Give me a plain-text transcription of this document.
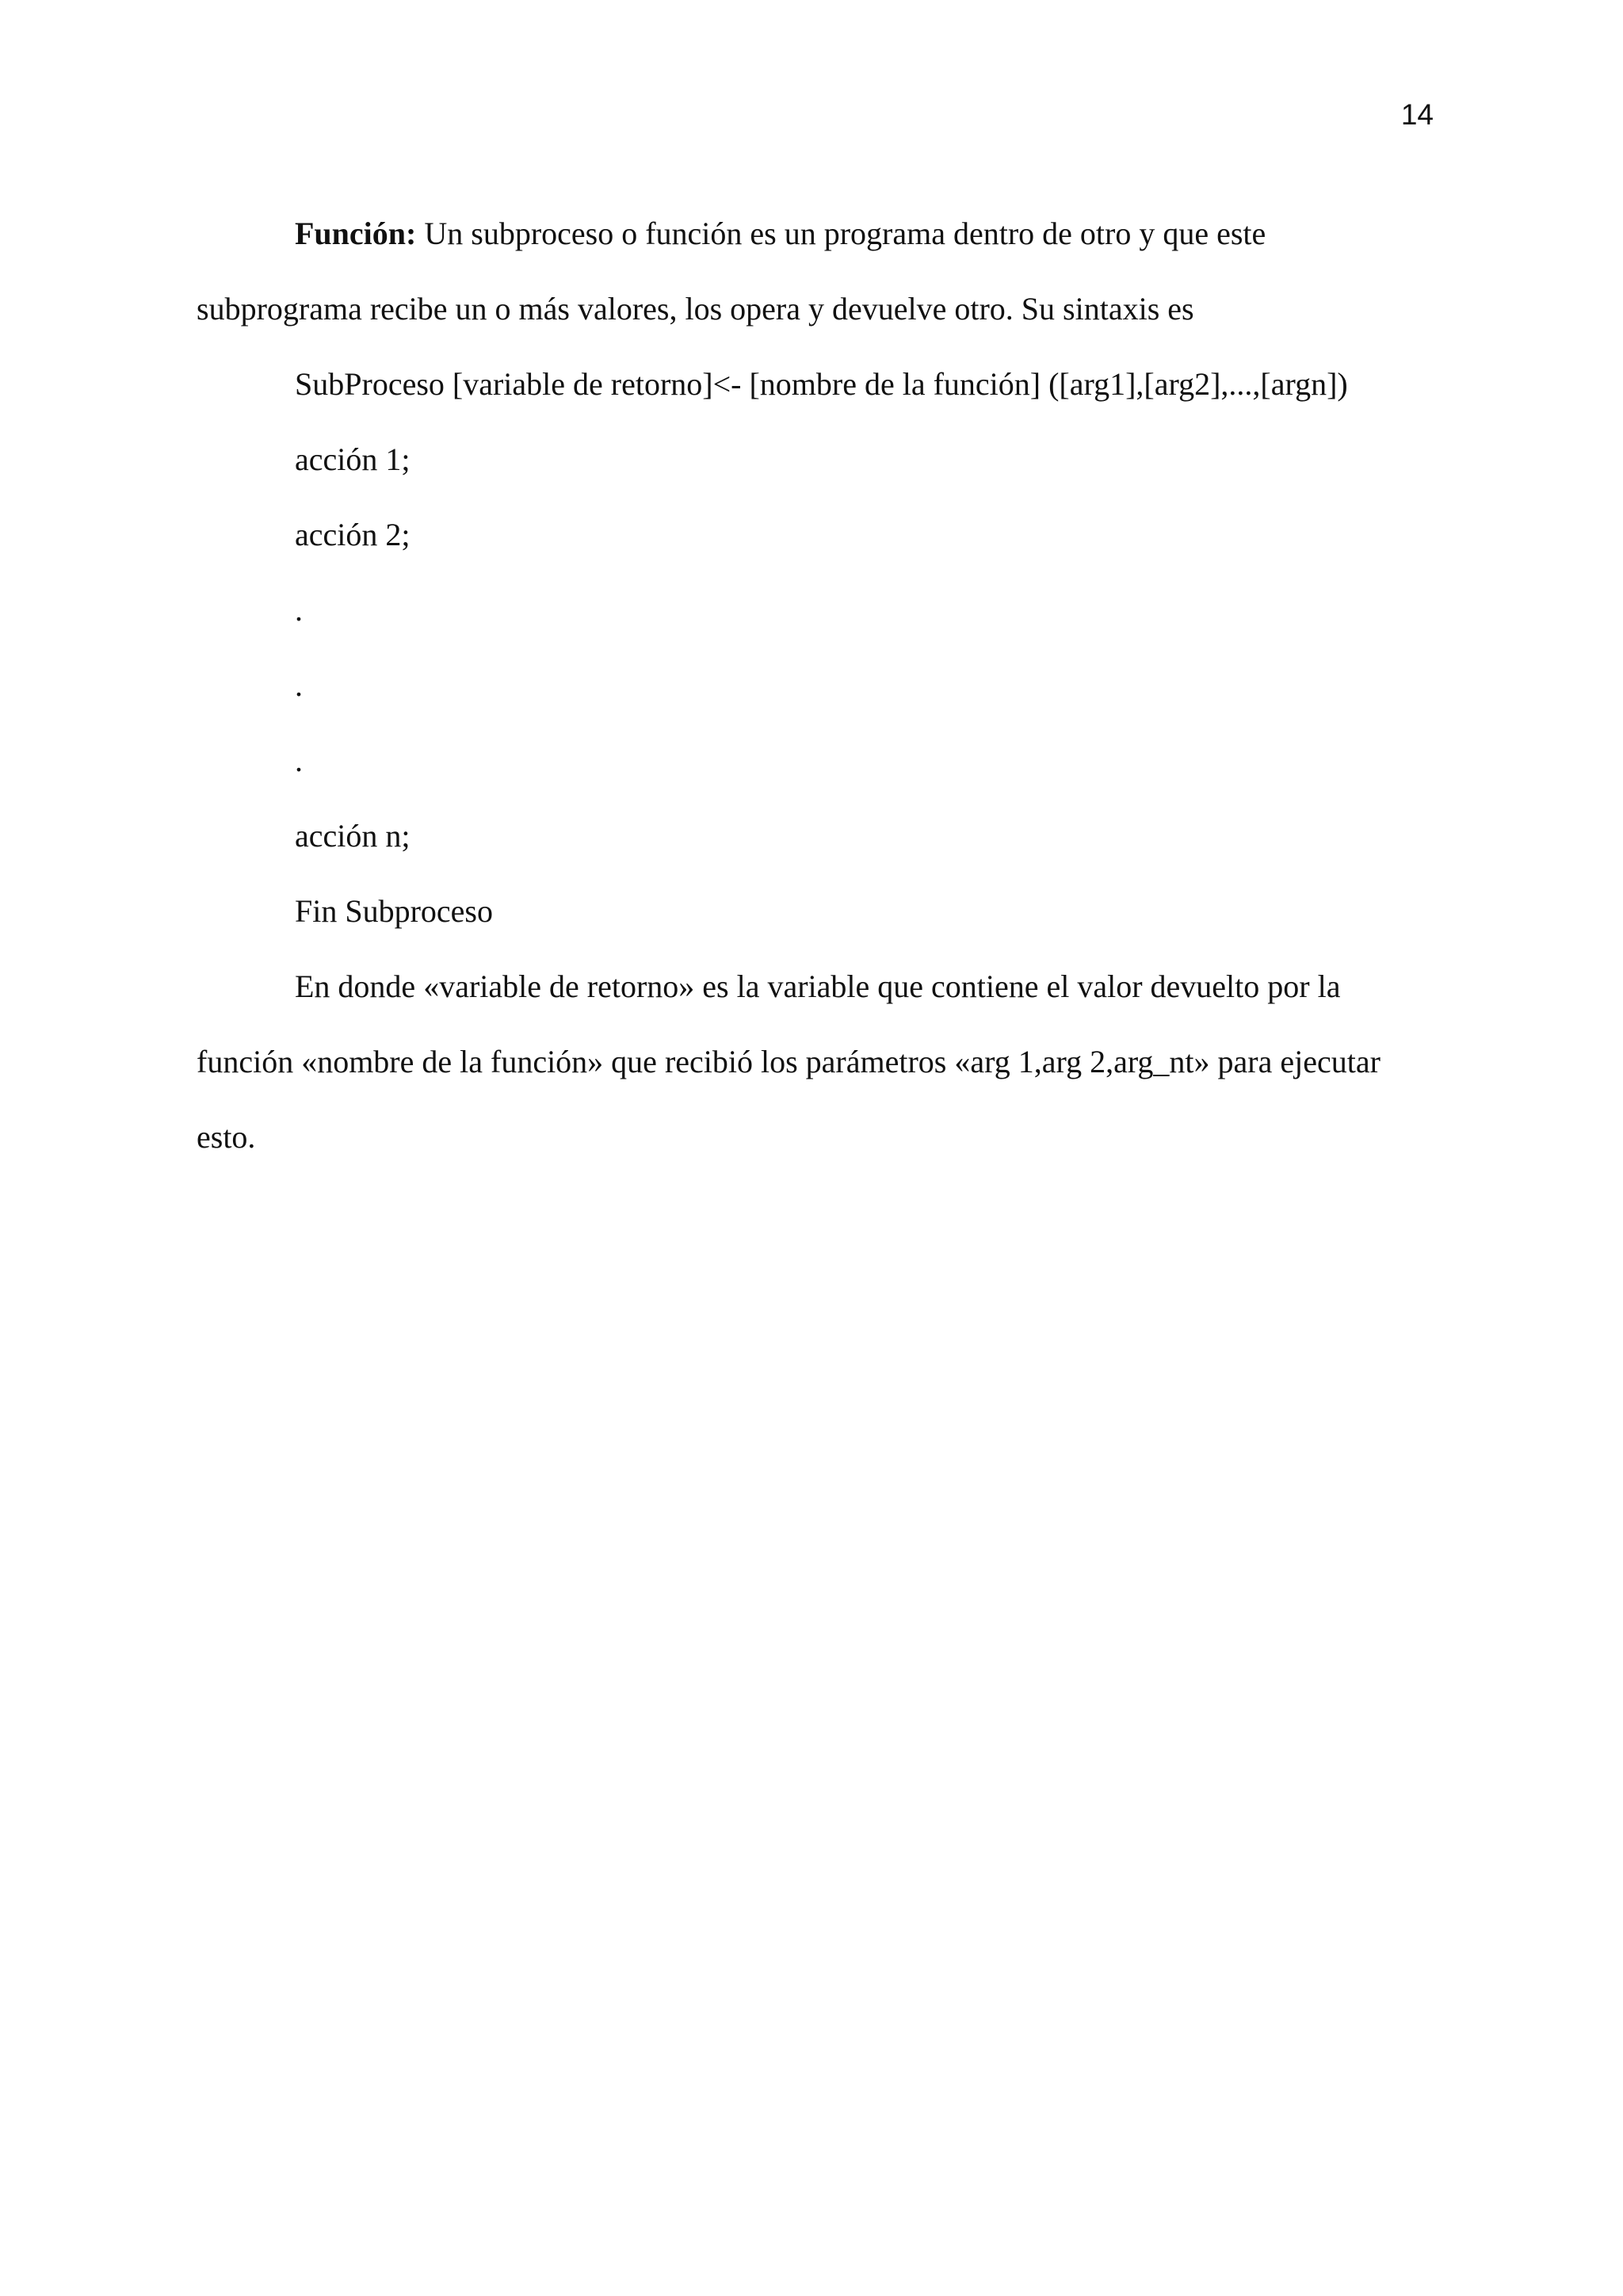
14

Función: Un subproceso o función es un programa dentro de otro y que este
subprograma recibe un o más valores, los opera y devuelve otro. Su sintaxis es

SubProceso [variable de retorno]<- [nombre de la función] ([arg1],[arg2],...,[argn])

acción 1;

acción 2;

.

.

.

acción n;

Fin Subproceso

En donde «variable de retorno» es la variable que contiene el valor devuelto por la
función «nombre de la función» que recibió los parámetros «arg 1,arg 2,arg_nt» para ejecutar
esto.
